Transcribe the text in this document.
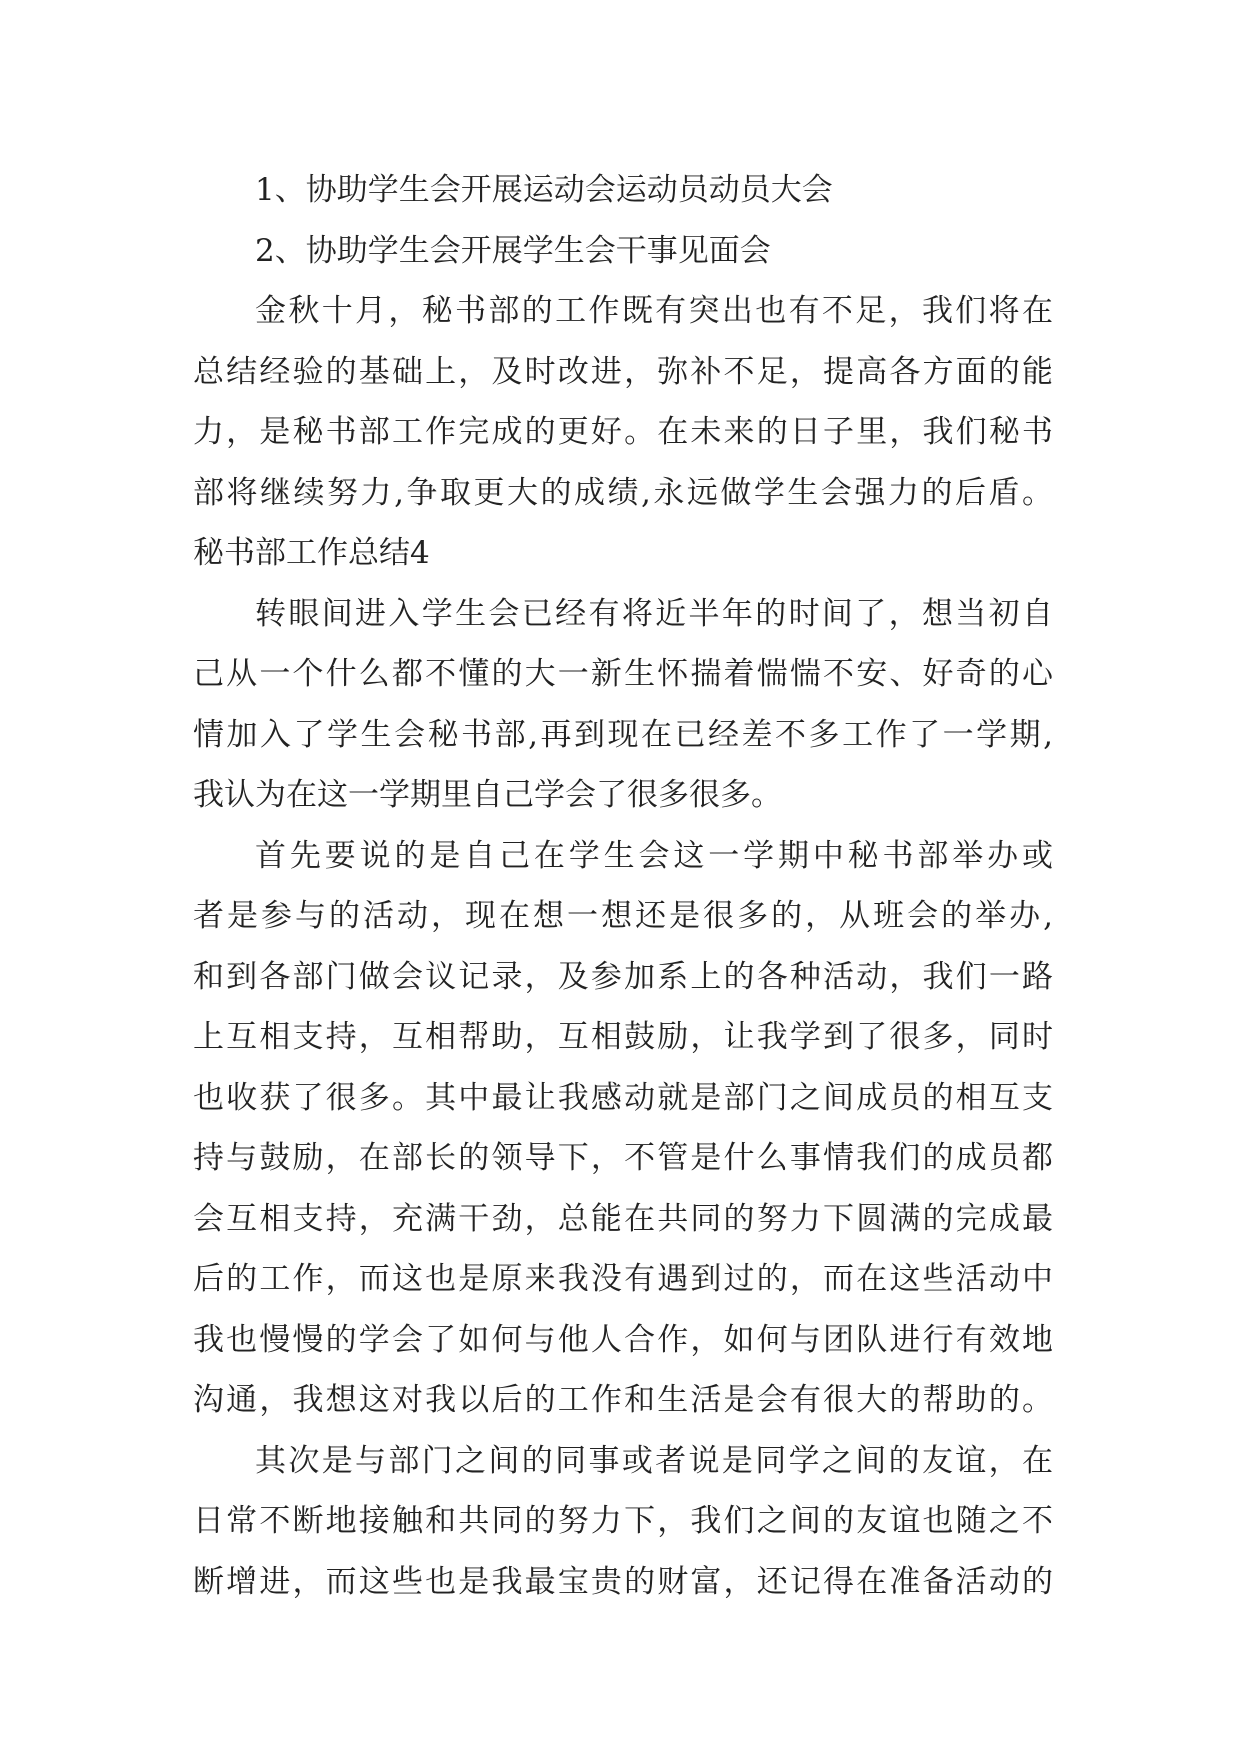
1、协助学生会开展运动会运动员动员大会
2、协助学生会开展学生会干事见面会
金秋十月，秘书部的工作既有突出也有不足，我们将在
总结经验的基础上，及时改进，弥补不足，提高各方面的能
力，是秘书部工作完成的更好。在未来的日子里，我们秘书
部将继续努力,争取更大的成绩,永远做学生会强力的后盾。
秘书部工作总结4
转眼间进入学生会已经有将近半年的时间了，想当初自
己从一个什么都不懂的大一新生怀揣着惴惴不安、好奇的心
情加入了学生会秘书部,再到现在已经差不多工作了一学期,
我认为在这一学期里自己学会了很多很多。
首先要说的是自己在学生会这一学期中秘书部举办或
者是参与的活动，现在想一想还是很多的，从班会的举办,
和到各部门做会议记录，及参加系上的各种活动，我们一路
上互相支持，互相帮助，互相鼓励，让我学到了很多，同时
也收获了很多。其中最让我感动就是部门之间成员的相互支
持与鼓励，在部长的领导下，不管是什么事情我们的成员都
会互相支持，充满干劲，总能在共同的努力下圆满的完成最
后的工作，而这也是原来我没有遇到过的，而在这些活动中
我也慢慢的学会了如何与他人合作，如何与团队进行有效地
沟通，我想这对我以后的工作和生活是会有很大的帮助的。
其次是与部门之间的同事或者说是同学之间的友谊，在
日常不断地接触和共同的努力下，我们之间的友谊也随之不
断增进，而这些也是我最宝贵的财富，还记得在准备活动的
